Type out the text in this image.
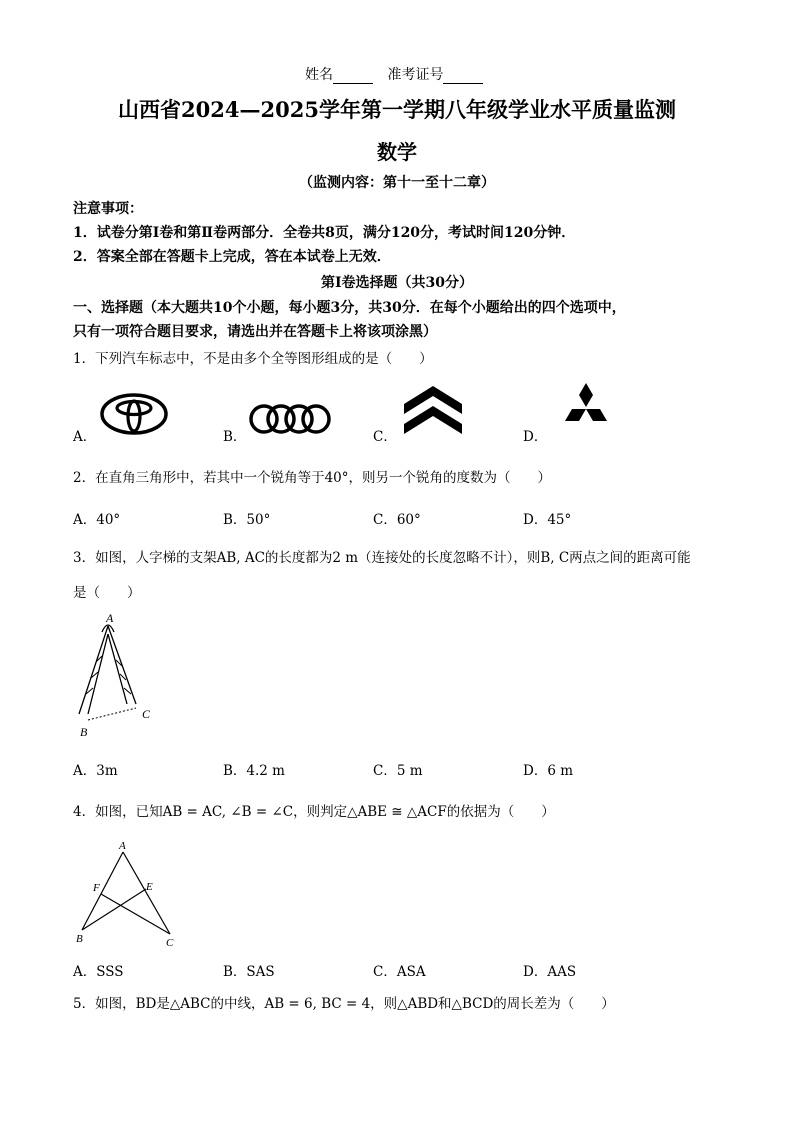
姓名	准考证号
山西省2024—2025学年第一学期八年级学业水平质量监测
数学
（监测内容：第十一至十二章）
注意事项：
1．试卷分第Ⅰ卷和第Ⅱ卷两部分．全卷共8页，满分120分，考试时间120分钟．
2．答案全部在答题卡上完成，答在本试卷上无效．
第Ⅰ卷选择题（共30分）
一、选择题（本大题共10个小题，每小题3分，共30分．在每个小题给出的四个选项中，
只有一项符合题目要求，请选出并在答题卡上将该项涂黑）
1．下列汽车标志中，不是由多个全等图形组成的是（　　）
A．	B．	C．	D．
2．在直角三角形中，若其中一个锐角等于40°，则另一个锐角的度数为（　　）
A．40°	B．50°	C．60°	D．45°
3．如图，人字梯的支架AB, AC的长度都为2 m（连接处的长度忽略不计），则B, C两点之间的距离可能
是（　　）
A
B
C
A．3m	B．4.2 m	C．5 m	D．6 m
4．如图，已知AB = AC, ∠B = ∠C，则判定△ABE ≅ △ACF的依据为（　　）
A
F	E
B	C
A．SSS	B．SAS	C．ASA	D．AAS
5．如图，BD是△ABC的中线，AB = 6, BC = 4，则△ABD和△BCD的周长差为（　　）
